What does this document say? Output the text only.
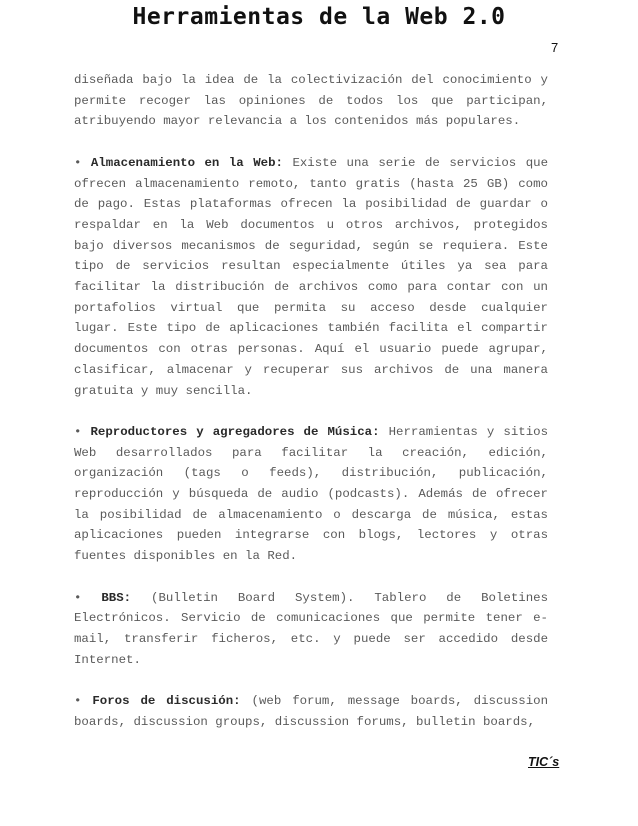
Herramientas de la Web 2.0
7

diseñada bajo la idea de la colectivización del conocimiento y permite recoger las opiniones de todos los que participan, atribuyendo mayor relevancia a los contenidos más populares.

• Almacenamiento en la Web: Existe una serie de servicios que ofrecen almacenamiento remoto, tanto gratis (hasta 25 GB) como de pago. Estas plataformas ofrecen la posibilidad de guardar o respaldar en la Web documentos u otros archivos, protegidos bajo diversos mecanismos de seguridad, según se requiera. Este tipo de servicios resultan especialmente útiles ya sea para facilitar la distribución de archivos como para contar con un portafolios virtual que permita su acceso desde cualquier lugar. Este tipo de aplicaciones también facilita el compartir documentos con otras personas. Aquí el usuario puede agrupar, clasificar, almacenar y recuperar sus archivos de una manera gratuita y muy sencilla.

• Reproductores y agregadores de Música: Herramientas y sitios Web desarrollados para facilitar la creación, edición, organización (tags o feeds), distribución, publicación, reproducción y búsqueda de audio (podcasts). Además de ofrecer la posibilidad de almacenamiento o descarga de música, estas aplicaciones pueden integrarse con blogs, lectores y otras fuentes disponibles en la Red.

• BBS: (Bulletin Board System). Tablero de Boletines Electrónicos. Servicio de comunicaciones que permite tener e-mail, transferir ficheros, etc. y puede ser accedido desde Internet.

• Foros de discusión: (web forum, message boards, discussion boards, discussion groups, discussion forums, bulletin boards,

TIC´s
